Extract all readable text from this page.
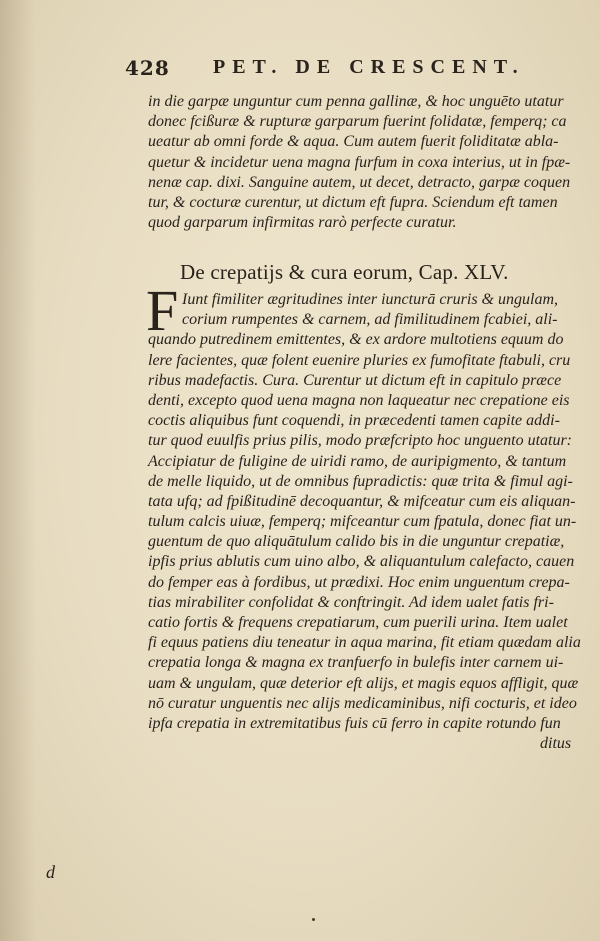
428 PET. DE CRESCENT.
in die garpæ unguntur cum penna gallinæ, & hoc unguēto utatur
donec fcißuræ & rupturæ garparum fuerint folidatæ, femperq; ca
ueatur ab omni forde & aqua. Cum autem fuerit foliditatæ abla-
quetur & incidetur uena magna furfum in coxa interius, ut in fpæ-
nenæ cap. dixi. Sanguine autem, ut decet, detracto, garpæ coquen
tur, & cocturæ curentur, ut dictum eft fupra. Sciendum eft tamen
quod garparum infirmitas rarò perfecte curatur.
De crepatijs & cura eorum, Cap. XLV.
F Iunt fimiliter ægritudines inter iuncturā cruris & ungulam,
corium rumpentes & carnem, ad fimilitudinem fcabiei, ali-
quando putredinem emittentes, & ex ardore multotiens equum do
lere facientes, quæ folent euenire pluries ex fumofitate ftabuli, cru
ribus madefactis. Cura. Curentur ut dictum eft in capitulo præce
denti, excepto quod uena magna non laqueatur nec crepatione eis
coctis aliquibus funt coquendi, in præcedenti tamen capite addi-
tur quod euulfis prius pilis, modo præfcripto hoc unguento utatur:
Accipiatur de fuligine de uiridi ramo, de auripigmento, & tantum
de melle liquido, ut de omnibus fupradictis: quæ trita & fimul agi-
tata ufq; ad fpißitudinē decoquantur, & mifceatur cum eis aliquan-
tulum calcis uiuæ, femperq; mifceantur cum fpatula, donec fiat un-
guentum de quo aliquātulum calido bis in die unguntur crepatiæ,
ipfis prius ablutis cum uino albo, & aliquantulum calefacto, cauen
do femper eas à fordibus, ut prædixi. Hoc enim unguentum crepa-
tias mirabiliter confolidat & conftringit. Ad idem ualet fatis fri-
catio fortis & frequens crepatiarum, cum puerili urina. Item ualet
fi equus patiens diu teneatur in aqua marina, fit etiam quædam alia
crepatia longa & magna ex tranfuerfo in bulefis inter carnem ui-
uam & ungulam, quæ deterior eft alijs, et magis equos affligit, quæ
nō curatur unguentis nec alijs medicaminibus, nifi cocturis, et ideo
ipfa crepatia in extremitatibus fuis cū ferro in capite rotundo fun
ditus
d
